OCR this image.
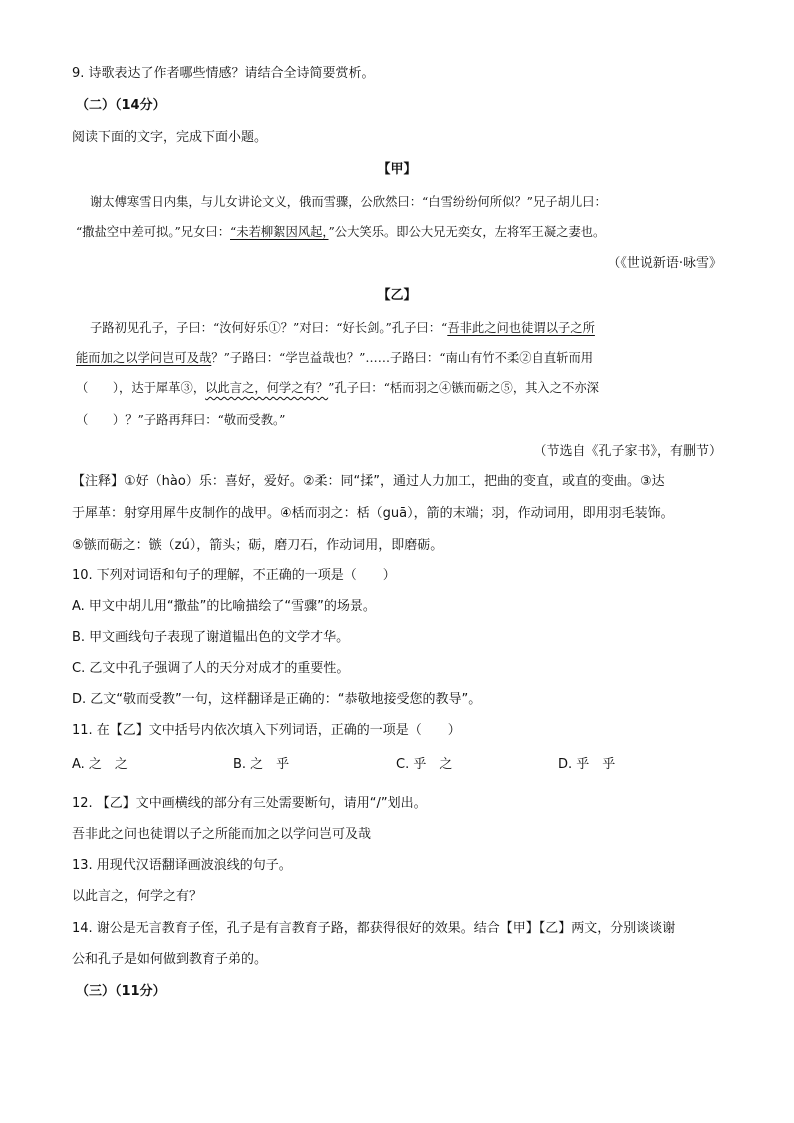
9. 诗歌表达了作者哪些情感？请结合全诗简要赏析。
（二）（14分）
阅读下面的文字，完成下面小题。
【甲】
谢太傅寒雪日内集，与儿女讲论文义，俄而雪骤，公欣然曰：“白雪纷纷何所似？”兄子胡儿曰：
“撒盐空中差可拟。”兄女曰：“未若柳絮因风起，”公大笑乐。即公大兄无奕女，左将军王凝之妻也。
（《世说新语·咏雪》
【乙】
子路初见孔子，子曰：“汝何好乐①？”对曰：“好长剑。”孔子曰：“吾非此之问也徒谓以子之所
能而加之以学问岂可及哉？”子路曰：“学岂益哉也？”……子路曰：“南山有竹不柔②自直斩而用
（　　），达于犀革③，以此言之，何学之有？”孔子曰：“栝而羽之④镞而砺之⑤，其入之不亦深
（　　）？”子路再拜曰：“敬而受教。”
（节选自《孔子家书》，有删节）
【注释】①好（hào）乐：喜好，爱好。②柔：同“揉”，通过人力加工，把曲的变直，或直的变曲。③达
于犀革：射穿用犀牛皮制作的战甲。④栝而羽之：栝（guā），箭的末端；羽，作动词用，即用羽毛装饰。
⑤镞而砺之：镞（zú），箭头；砺，磨刀石，作动词用，即磨砺。
10. 下列对词语和句子的理解，不正确的一项是（　　）
A. 甲文中胡儿用“撒盐”的比喻描绘了“雪骤”的场景。
B. 甲文画线句子表现了谢道韫出色的文学才华。
C. 乙文中孔子强调了人的天分对成才的重要性。
D. 乙文“敬而受教”一句，这样翻译是正确的：“恭敬地接受您的教导”。
11. 在【乙】文中括号内依次填入下列词语，正确的一项是（　　）
A. 之　之	B. 之　乎	C. 乎　之	D. 乎　乎
12. 【乙】文中画横线的部分有三处需要断句，请用“/”划出。
吾非此之问也徒谓以子之所能而加之以学问岂可及哉
13. 用现代汉语翻译画波浪线的句子。
以此言之，何学之有？
14. 谢公是无言教育子侄，孔子是有言教育子路，都获得很好的效果。结合【甲】【乙】两文，分别谈谈谢
公和孔子是如何做到教育子弟的。
（三）（11分）
